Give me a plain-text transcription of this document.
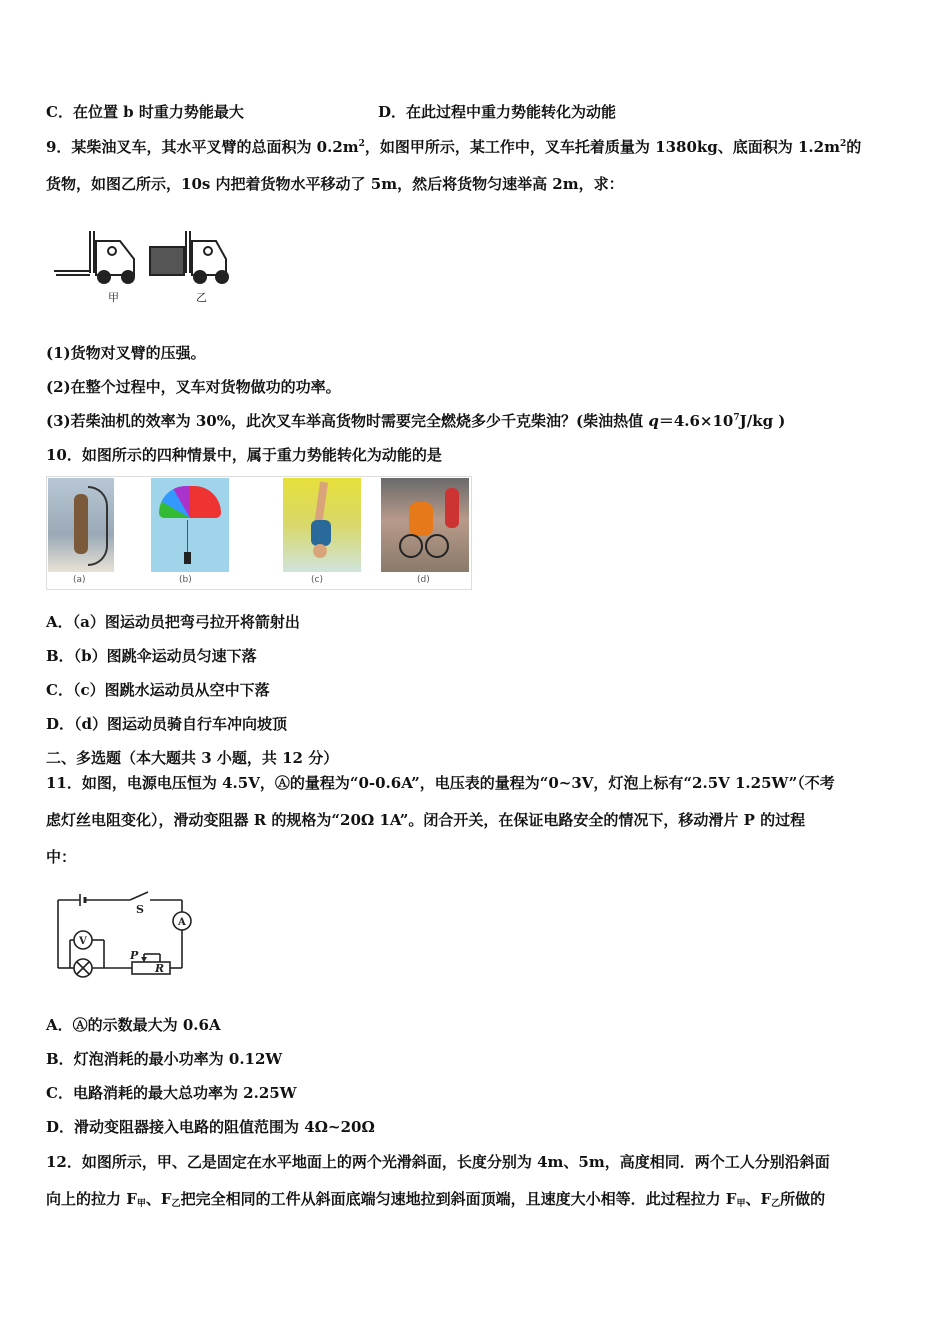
C．在位置 b 时重力势能最大	D．在此过程中重力势能转化为动能
9．某柴油叉车，其水平叉臂的总面积为 $0.2m^2$，如图甲所示，某工作中，叉车托着质量为 1380kg、底面积为 $1.2m^2$的
货物，如图乙所示，10s 内把着货物水平移动了 5m，然后将货物匀速举高 2m，求：
甲	乙
(1)货物对叉臂的压强。
(2)在整个过程中，叉车对货物做功的功率。
(3)若柴油机的效率为 30%，此次叉车举高货物时需要完全燃烧多少千克柴油？(柴油热值 $q=4.6\times 10^7J/kg$ )
10．如图所示的四种情景中，属于重力势能转化为动能的是
(a)	(b)	(c)	(d)
A．（a）图运动员把弯弓拉开将箭射出
B．（b）图跳伞运动员匀速下落
C．（c）图跳水运动员从空中下落
D．（d）图运动员骑自行车冲向坡顶
二、多选题（本大题共 3 小题，共 12 分）
11．如图，电源电压恒为 4.5V，Ⓐ的量程为“0-0.6A”，电压表的量程为“0~3V，灯泡上标有“2.5V 1.25W”（不考
虑灯丝电阻变化），滑动变阻器 R 的规格为“20Ω 1A”。闭合开关，在保证电路安全的情况下，移动滑片 P 的过程
中：
S
A
V
P
R
A．Ⓐ的示数最大为 0.6A
B．灯泡消耗的最小功率为 0.12W
C．电路消耗的最大总功率为 2.25W
D．滑动变阻器接入电路的阻值范围为 4Ω~20Ω
12．如图所示，甲、乙是固定在水平地面上的两个光滑斜面，长度分别为 4m、5m，高度相同．两个工人分别沿斜面
向上的拉力 $F_甲$、$F_乙$把完全相同的工件从斜面底端匀速地拉到斜面顶端，且速度大小相等．此过程拉力 $F_甲$、$F_乙$所做的
